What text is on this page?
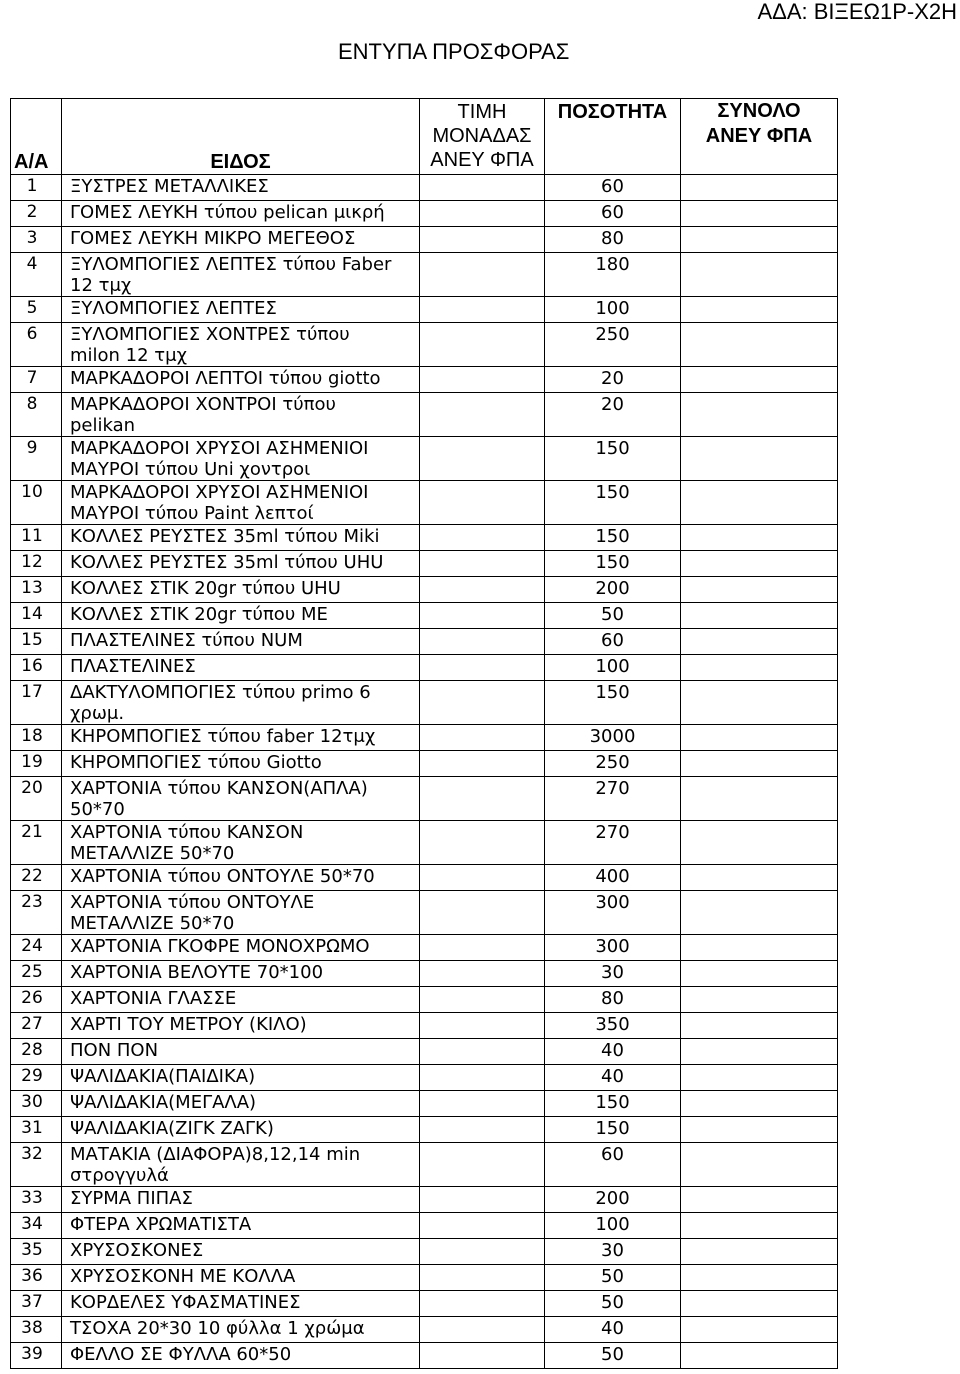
ΑΔΑ: ΒΙΞΕΩ1Ρ-Χ2Η
ΕΝΤΥΠΑ ΠΡΟΣΦΟΡΑΣ
Α/Α	ΕΙΔΟΣ	ΤΙΜΗ
ΜΟΝΑΔΑΣ
ΑΝΕΥ ΦΠΑ	ΠΟΣΟΤΗΤΑ	ΣΥΝΟΛΟ
ΑΝΕΥ ΦΠΑ
1	ΞΥΣΤΡΕΣ ΜΕΤΑΛΛΙΚΕΣ		60	
2	ΓΟΜΕΣ ΛΕΥΚΗ τύπου pelican μικρή		60	
3	ΓΟΜΕΣ ΛΕΥΚΗ ΜΙΚΡΟ ΜΕΓΕΘΟΣ		80	
4	ΞΥΛΟΜΠΟΓΙΕΣ ΛΕΠΤΕΣ τύπου Faber
12 τμχ		180	
5	ΞΥΛΟΜΠΟΓΙΕΣ ΛΕΠΤΕΣ		100	
6	ΞΥΛΟΜΠΟΓΙΕΣ ΧΟΝΤΡΕΣ τύπου
milon 12 τμχ		250	
7	ΜΑΡΚΑΔΟΡΟΙ ΛΕΠΤΟΙ τύπου giotto		20	
8	ΜΑΡΚΑΔΟΡΟΙ ΧΟΝΤΡΟΙ τύπου
pelikan		20	
9	ΜΑΡΚΑΔΟΡΟΙ ΧΡΥΣΟΙ ΑΣΗΜΕΝΙΟΙ
ΜΑΥΡΟΙ τύπου Uni χοντροι		150	
10	ΜΑΡΚΑΔΟΡΟΙ ΧΡΥΣΟΙ ΑΣΗΜΕΝΙΟΙ
ΜΑΥΡΟΙ τύπου Paint λεπτοί		150	
11	ΚΟΛΛΕΣ ΡΕΥΣΤΕΣ 35ml τύπου Miki		150	
12	ΚΟΛΛΕΣ ΡΕΥΣΤΕΣ 35ml τύπου UHU		150	
13	ΚΟΛΛΕΣ ΣΤΙΚ 20gr τύπου UHU		200	
14	ΚΟΛΛΕΣ ΣΤΙΚ 20gr τύπου ΜΕ		50	
15	ΠΛΑΣΤΕΛΙΝΕΣ τύπου NUM		60	
16	ΠΛΑΣΤΕΛΙΝΕΣ		100	
17	ΔΑΚΤΥΛΟΜΠΟΓΙΕΣ τύπου primo 6
χρωμ.		150	
18	ΚΗΡΟΜΠΟΓΙΕΣ τύπου faber 12τμχ		3000	
19	ΚΗΡΟΜΠΟΓΙΕΣ τύπου Giotto		250	
20	ΧΑΡΤΟΝΙΑ τύπου ΚΑΝΣΟΝ(ΑΠΛΑ)
50*70		270	
21	ΧΑΡΤΟΝΙΑ τύπου ΚΑΝΣΟΝ
ΜΕΤΑΛΛΙΖΕ 50*70		270	
22	ΧΑΡΤΟΝΙΑ τύπου ΟΝΤΟΥΛΕ 50*70		400	
23	ΧΑΡΤΟΝΙΑ τύπου ΟΝΤΟΥΛΕ
ΜΕΤΑΛΛΙΖΕ 50*70		300	
24	ΧΑΡΤΟΝΙΑ ΓΚΟΦΡΕ ΜΟΝΟΧΡΩΜΟ		300	
25	ΧΑΡΤΟΝΙΑ ΒΕΛΟΥΤΕ 70*100		30	
26	ΧΑΡΤΟΝΙΑ ΓΛΑΣΣΕ		80	
27	ΧΑΡΤΙ ΤΟΥ ΜΕΤΡΟΥ (ΚΙΛΟ)		350	
28	ΠΟΝ ΠΟΝ		40	
29	ΨΑΛΙΔΑΚΙΑ(ΠΑΙΔΙΚΑ)		40	
30	ΨΑΛΙΔΑΚΙΑ(ΜΕΓΑΛΑ)		150	
31	ΨΑΛΙΔΑΚΙΑ(ΖΙΓΚ ΖΑΓΚ)		150	
32	ΜΑΤΑΚΙΑ (ΔΙΑΦΟΡΑ)8,12,14 min
στρογγυλά		60	
33	ΣΥΡΜΑ ΠΙΠΑΣ		200	
34	ΦΤΕΡΑ ΧΡΩΜΑΤΙΣΤΑ		100	
35	ΧΡΥΣΟΣΚΟΝΕΣ		30	
36	ΧΡΥΣΟΣΚΟΝΗ ΜΕ ΚΟΛΛΑ		50	
37	ΚΟΡΔΕΛΕΣ ΥΦΑΣΜΑΤΙΝΕΣ		50	
38	ΤΣΟΧΑ 20*30 10 φύλλα 1 χρώμα		40	
39	ΦΕΛΛΟ ΣΕ ΦΥΛΛΑ 60*50		50	
